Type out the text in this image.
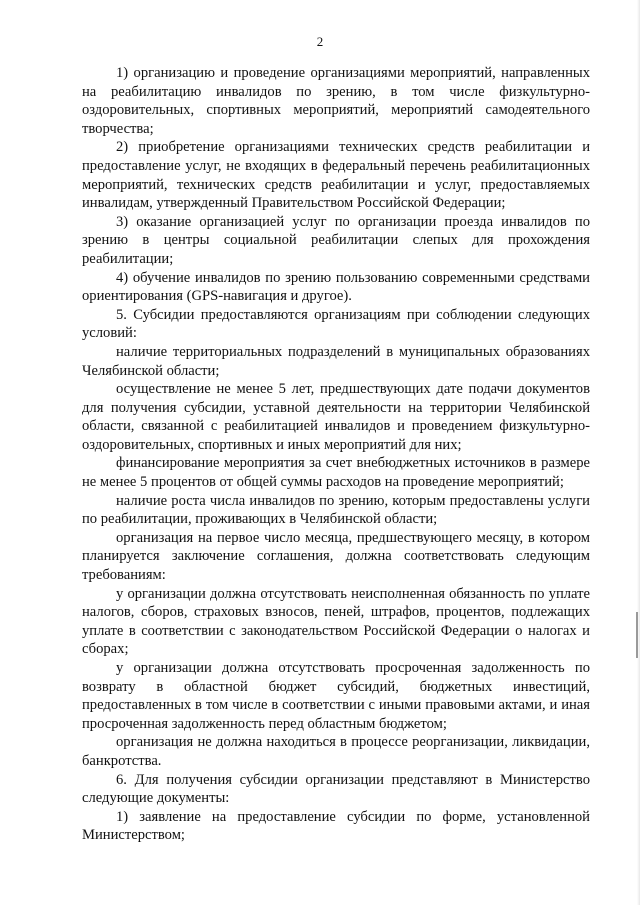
2

1) организацию и проведение организациями мероприятий, направленных на реабилитацию инвалидов по зрению, в том числе физкультурно-оздоровительных, спортивных мероприятий, мероприятий самодеятельного творчества;

2) приобретение организациями технических средств реабилитации и предоставление услуг, не входящих в федеральный перечень реабилитационных мероприятий, технических средств реабилитации и услуг, предоставляемых инвалидам, утвержденный Правительством Российской Федерации;

3) оказание организацией услуг по организации проезда инвалидов по зрению в центры социальной реабилитации слепых для прохождения реабилитации;

4) обучение инвалидов по зрению пользованию современными средствами ориентирования (GPS-навигация и другое).

5. Субсидии предоставляются организациям при соблюдении следующих условий:

наличие территориальных подразделений в муниципальных образованиях Челябинской области;

осуществление не менее 5 лет, предшествующих дате подачи документов для получения субсидии, уставной деятельности на территории Челябинской области, связанной с реабилитацией инвалидов и проведением физкультурно-оздоровительных, спортивных и иных мероприятий для них;

финансирование мероприятия за счет внебюджетных источников в размере не менее 5 процентов от общей суммы расходов на проведение мероприятий;

наличие роста числа инвалидов по зрению, которым предоставлены услуги по реабилитации, проживающих в Челябинской области;

организация на первое число месяца, предшествующего месяцу, в котором планируется заключение соглашения, должна соответствовать следующим требованиям:

у организации должна отсутствовать неисполненная обязанность по уплате налогов, сборов, страховых взносов, пеней, штрафов, процентов, подлежащих уплате в соответствии с законодательством Российской Федерации о налогах и сборах;

у организации должна отсутствовать просроченная задолженность по возврату в областной бюджет субсидий, бюджетных инвестиций, предоставленных в том числе в соответствии с иными правовыми актами, и иная просроченная задолженность перед областным бюджетом;

организация не должна находиться в процессе реорганизации, ликвидации, банкротства.

6. Для получения субсидии организации представляют в Министерство следующие документы:

1) заявление на предоставление субсидии по форме, установленной Министерством;
